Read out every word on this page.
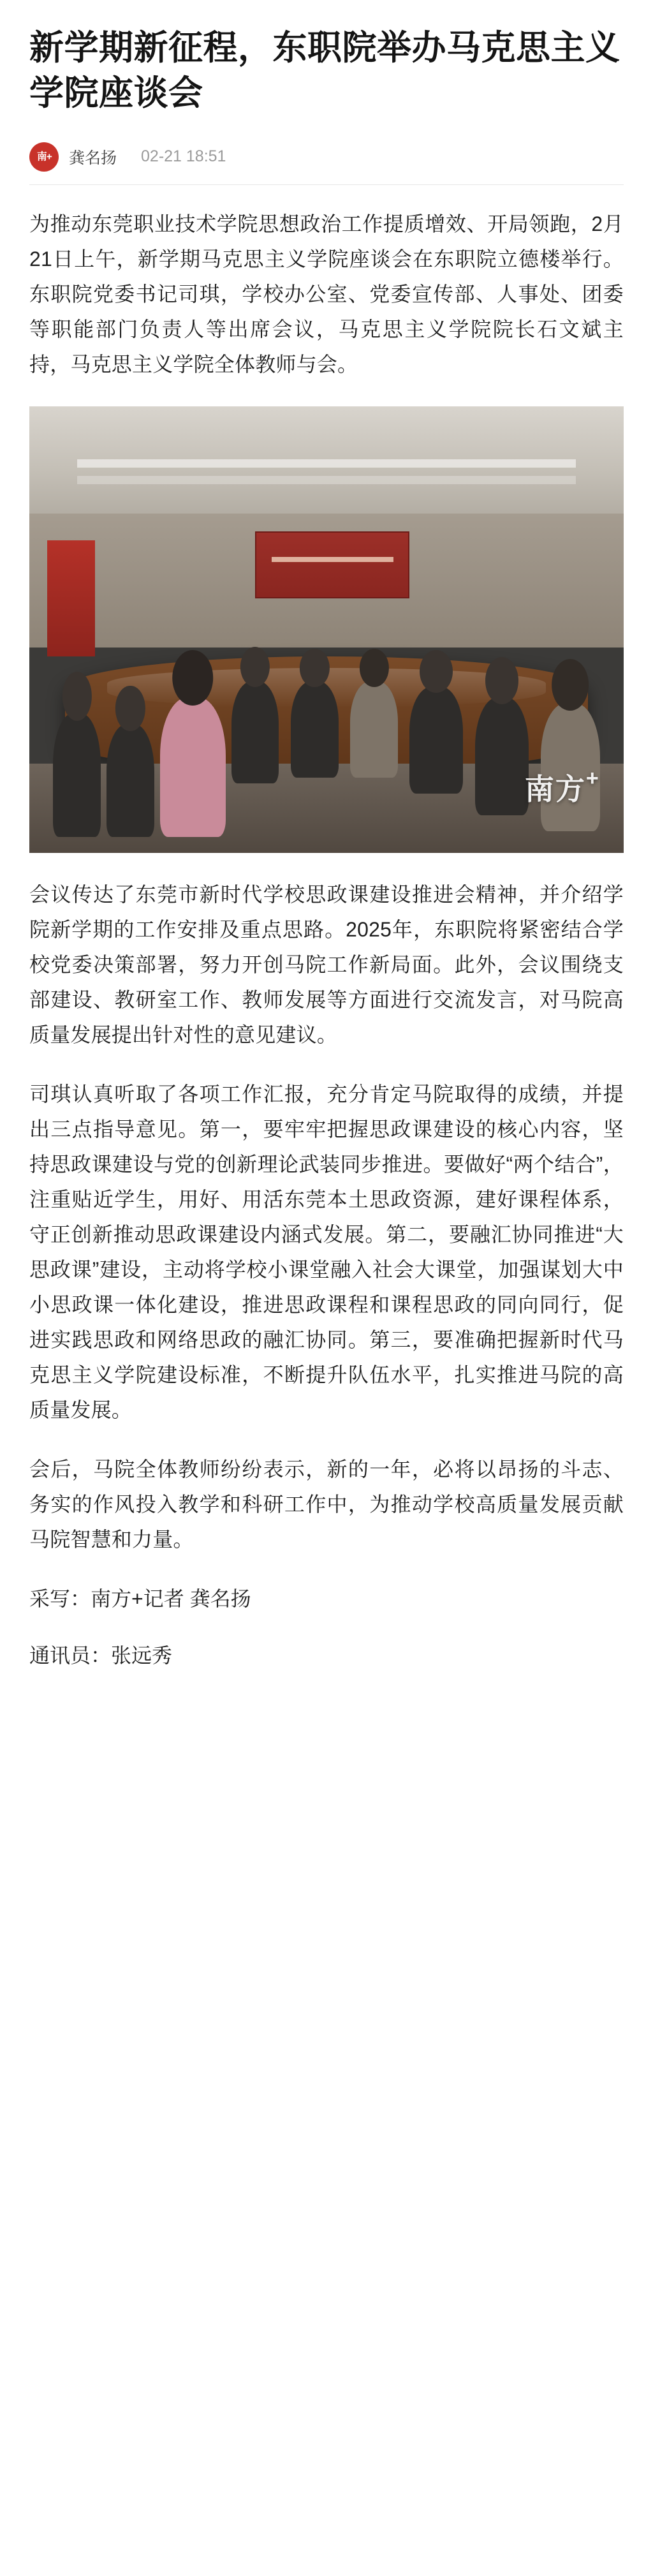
新学期新征程，东职院举办马克思主义学院座谈会
南+ 龚名扬 02-21 18:51

为推动东莞职业技术学院思想政治工作提质增效、开局领跑，2月21日上午，新学期马克思主义学院座谈会在东职院立德楼举行。东职院党委书记司琪，学校办公室、党委宣传部、人事处、团委等职能部门负责人等出席会议，马克思主义学院院长石文斌主持，马克思主义学院全体教师与会。

南方+

会议传达了东莞市新时代学校思政课建设推进会精神，并介绍学院新学期的工作安排及重点思路。2025年，东职院将紧密结合学校党委决策部署，努力开创马院工作新局面。此外，会议围绕支部建设、教研室工作、教师发展等方面进行交流发言，对马院高质量发展提出针对性的意见建议。

司琪认真听取了各项工作汇报，充分肯定马院取得的成绩，并提出三点指导意见。第一，要牢牢把握思政课建设的核心内容，坚持思政课建设与党的创新理论武装同步推进。要做好“两个结合”，注重贴近学生，用好、用活东莞本土思政资源，建好课程体系，守正创新推动思政课建设内涵式发展。第二，要融汇协同推进“大思政课”建设，主动将学校小课堂融入社会大课堂，加强谋划大中小思政课一体化建设，推进思政课程和课程思政的同向同行，促进实践思政和网络思政的融汇协同。第三，要准确把握新时代马克思主义学院建设标准，不断提升队伍水平，扎实推进马院的高质量发展。

会后，马院全体教师纷纷表示，新的一年，必将以昂扬的斗志、务实的作风投入教学和科研工作中，为推动学校高质量发展贡献马院智慧和力量。

采写：南方+记者 龚名扬
通讯员：张远秀
